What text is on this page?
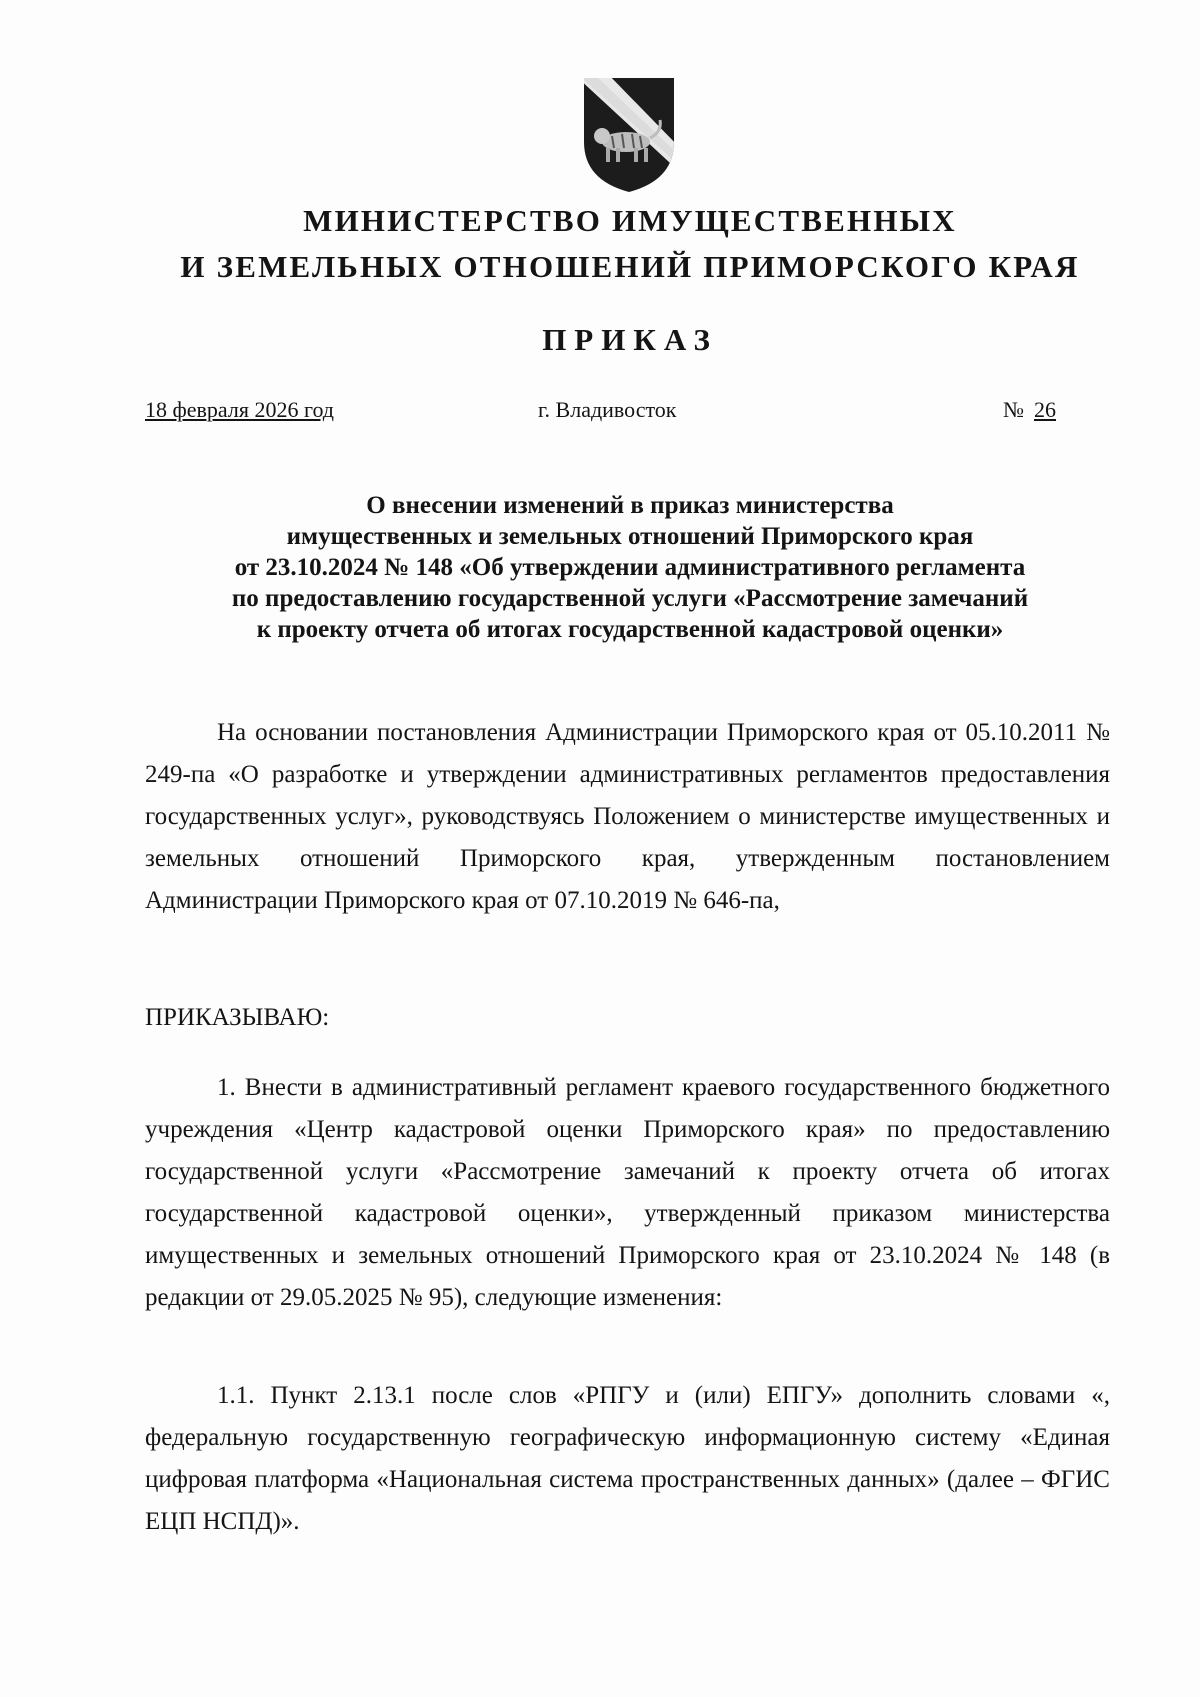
МИНИСТЕРСТВО ИМУЩЕСТВЕННЫХ
И ЗЕМЕЛЬНЫХ ОТНОШЕНИЙ ПРИМОРСКОГО КРАЯ
ПРИКАЗ
18 февраля 2026 год	г. Владивосток	№ 26
О внесении изменений в приказ министерства
имущественных и земельных отношений Приморского края
от 23.10.2024 № 148 «Об утверждении административного регламента
по предоставлению государственной услуги «Рассмотрение замечаний
к проекту отчета об итогах государственной кадастровой оценки»

На основании постановления Администрации Приморского края от 05.10.2011 № 249-па «О разработке и утверждении административных регламентов предоставления государственных услуг», руководствуясь Положением о министерстве имущественных и земельных отношений Приморского края, утвержденным постановлением Администрации Приморского края от 07.10.2019 № 646-па,

ПРИКАЗЫВАЮ:

1. Внести в административный регламент краевого государственного бюджетного учреждения «Центр кадастровой оценки Приморского края» по предоставлению государственной услуги «Рассмотрение замечаний к проекту отчета об итогах государственной кадастровой оценки», утвержденный приказом министерства имущественных и земельных отношений Приморского края от 23.10.2024 № 148 (в редакции от 29.05.2025 № 95), следующие изменения:

1.1. Пункт 2.13.1 после слов «РПГУ и (или) ЕПГУ» дополнить словами «, федеральную государственную географическую информационную систему «Единая цифровая платформа «Национальная система пространственных данных» (далее – ФГИС ЕЦП НСПД)».
